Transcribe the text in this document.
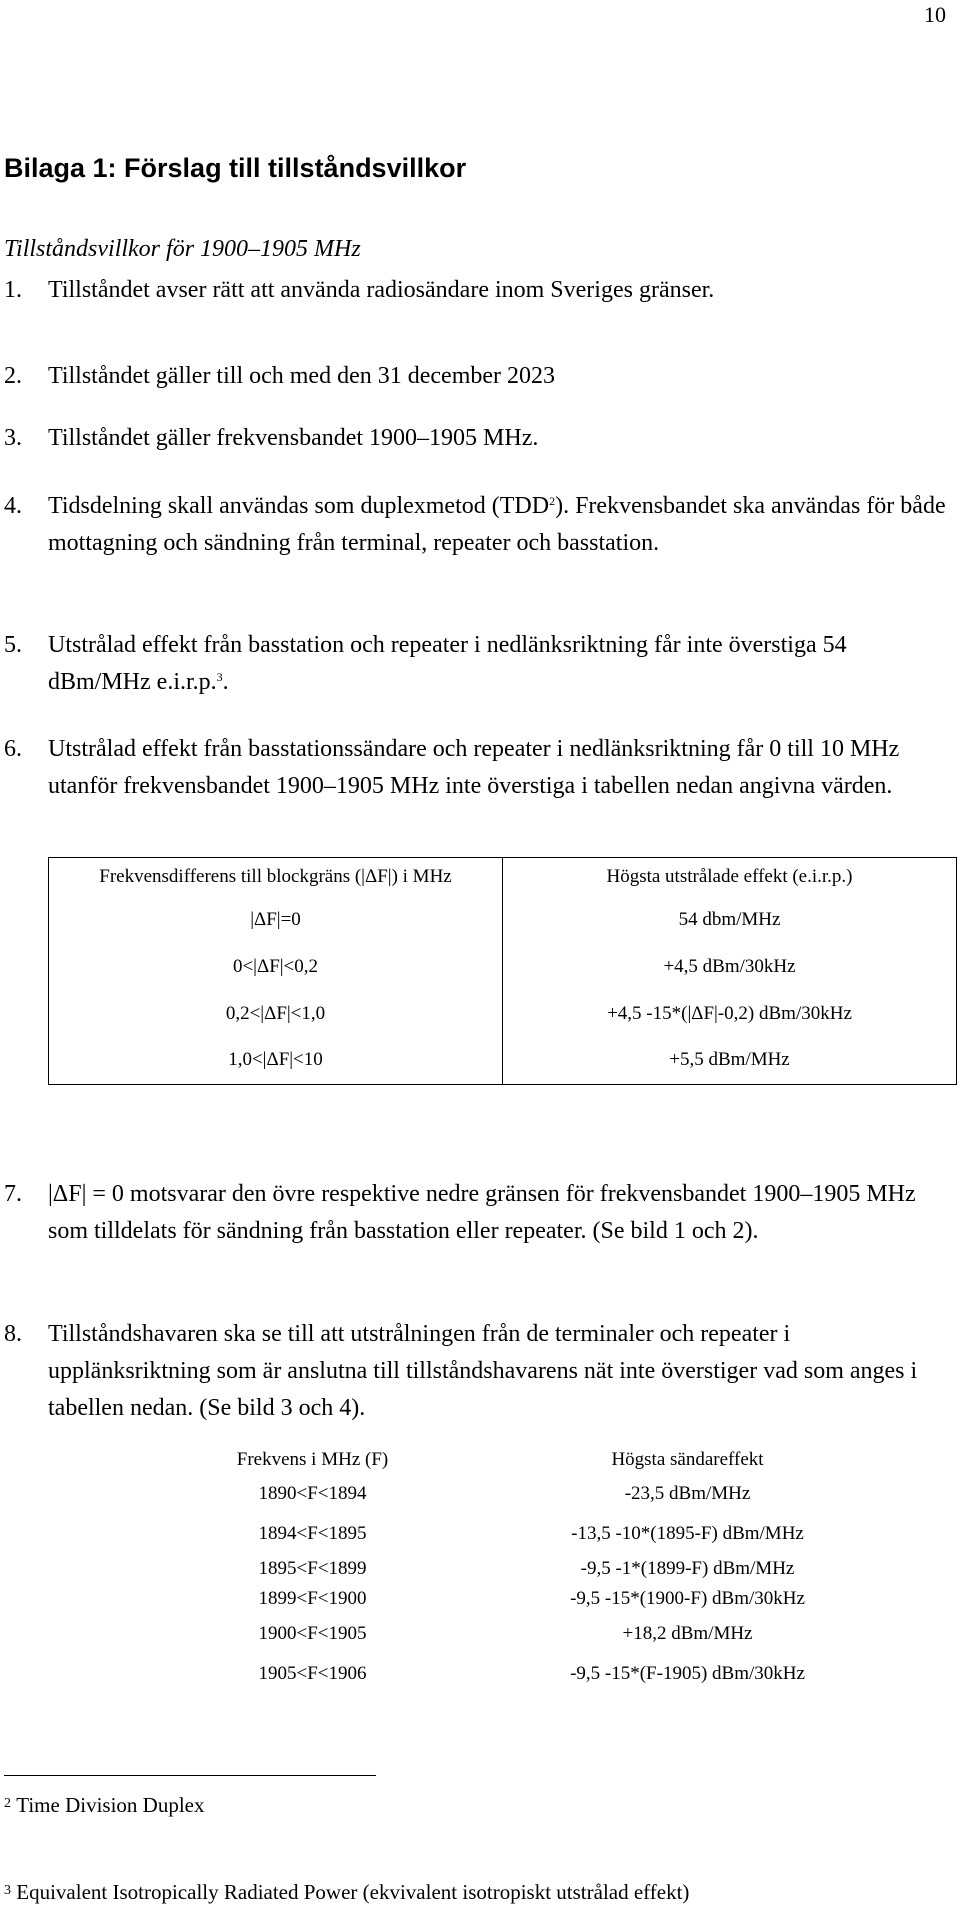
10
Bilaga 1: Förslag till tillståndsvillkor
Tillståndsvillkor för 1900–1905 MHz
1. Tillståndet avser rätt att använda radiosändare inom Sveriges gränser.
2. Tillståndet gäller till och med den 31 december 2023
3. Tillståndet gäller frekvensbandet 1900–1905 MHz.
4. Tidsdelning skall användas som duplexmetod (TDD$^2$). Frekvensbandet ska användas för både mottagning och sändning från terminal, repeater och basstation.
5. Utstrålad effekt från basstation och repeater i nedlänksriktning får inte överstiga 54 dBm/MHz e.i.r.p.$^3$.
6. Utstrålad effekt från basstationssändare och repeater i nedlänksriktning får 0 till 10 MHz utanför frekvensbandet 1900–1905 MHz inte överstiga i tabellen nedan angivna värden.
Frekvensdifferens till blockgräns (|ΔF|) i MHz	Högsta utstrålade effekt (e.i.r.p.)
|ΔF|=0	54 dbm/MHz
0<|ΔF|<0,2	+4,5 dBm/30kHz
0,2<|ΔF|<1,0	+4,5 -15*(|ΔF|-0,2) dBm/30kHz
1,0<|ΔF|<10	+5,5 dBm/MHz
7. |ΔF| = 0 motsvarar den övre respektive nedre gränsen för frekvensbandet 1900–1905 MHz som tilldelats för sändning från basstation eller repeater. (Se bild 1 och 2).
8. Tillståndshavaren ska se till att utstrålningen från de terminaler och repeater i upplänksriktning som är anslutna till tillståndshavarens nät inte överstiger vad som anges i tabellen nedan. (Se bild 3 och 4).
Frekvens i MHz (F)	Högsta sändareffekt
1890<F<1894	-23,5 dBm/MHz
1894<F<1895	-13,5 -10*(1895-F) dBm/MHz
1895<F<1899	-9,5 -1*(1899-F) dBm/MHz
1899<F<1900	-9,5 -15*(1900-F) dBm/30kHz
1900<F<1905	+18,2 dBm/MHz
1905<F<1906	-9,5 -15*(F-1905) dBm/30kHz
$^2$ Time Division Duplex
$^3$ Equivalent Isotropically Radiated Power (ekvivalent isotropiskt utstrålad effekt)
